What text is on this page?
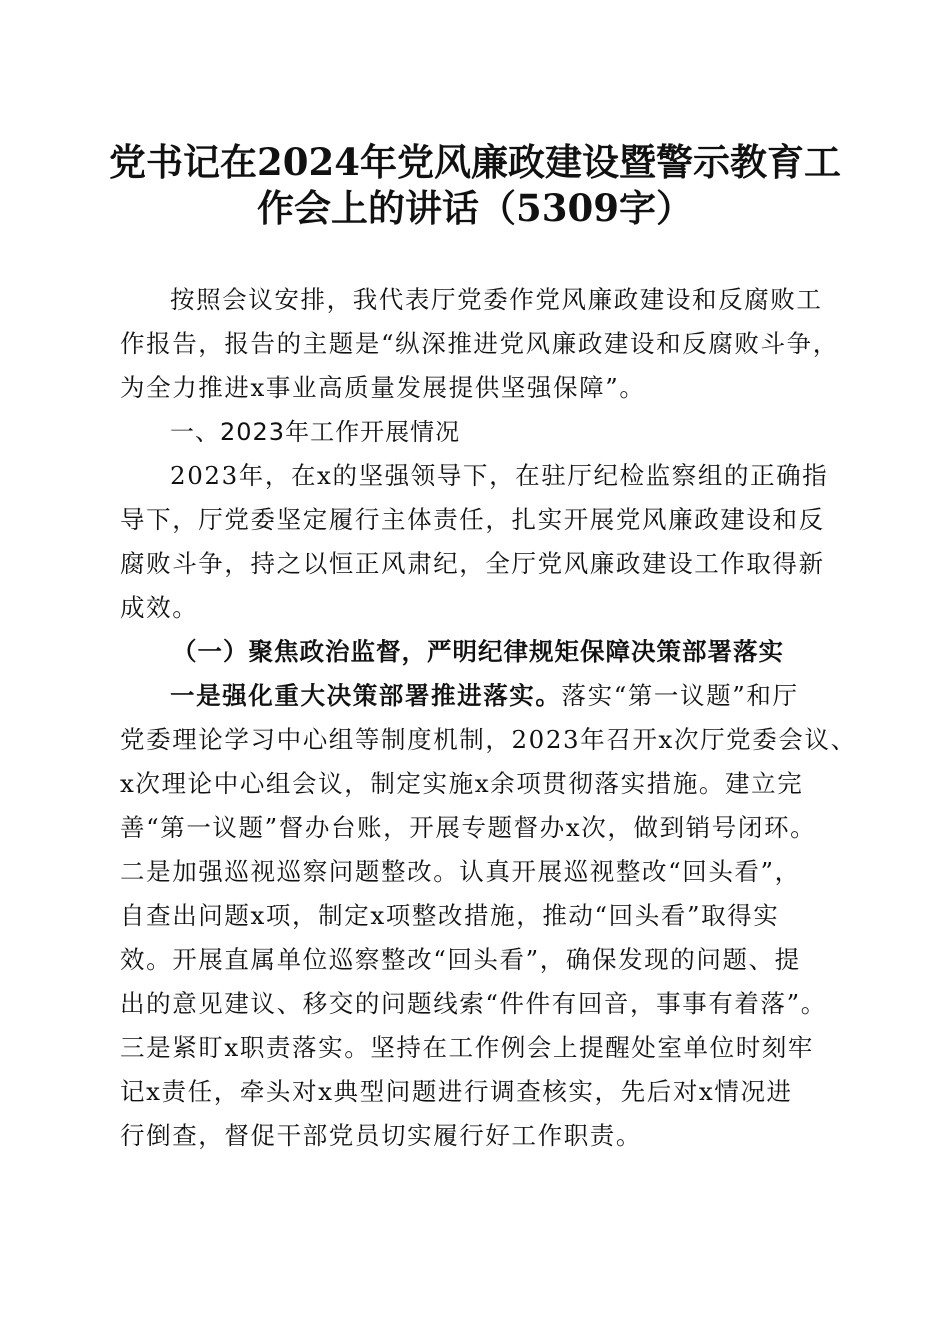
党书记在2024年党风廉政建设暨警示教育工
作会上的讲话（5309字）

按照会议安排，我代表厅党委作党风廉政建设和反腐败工

作报告，报告的主题是“纵深推进党风廉政建设和反腐败斗争，

为全力推进x事业高质量发展提供坚强保障”。

一、2023年工作开展情况

2023年，在x的坚强领导下，在驻厅纪检监察组的正确指

导下，厅党委坚定履行主体责任，扎实开展党风廉政建设和反

腐败斗争，持之以恒正风肃纪，全厅党风廉政建设工作取得新

成效。

（一）聚焦政治监督，严明纪律规矩保障决策部署落实

一是强化重大决策部署推进落实。落实“第一议题”和厅

党委理论学习中心组等制度机制，2023年召开x次厅党委会议、

x次理论中心组会议，制定实施x余项贯彻落实措施。建立完

善“第一议题”督办台账，开展专题督办x次，做到销号闭环。

二是加强巡视巡察问题整改。认真开展巡视整改“回头看”，

自查出问题x项，制定x项整改措施，推动“回头看”取得实

效。开展直属单位巡察整改“回头看”，确保发现的问题、提

出的意见建议、移交的问题线索“件件有回音，事事有着落”。

三是紧盯x职责落实。坚持在工作例会上提醒处室单位时刻牢

记x责任，牵头对x典型问题进行调查核实，先后对x情况进

行倒查，督促干部党员切实履行好工作职责。
